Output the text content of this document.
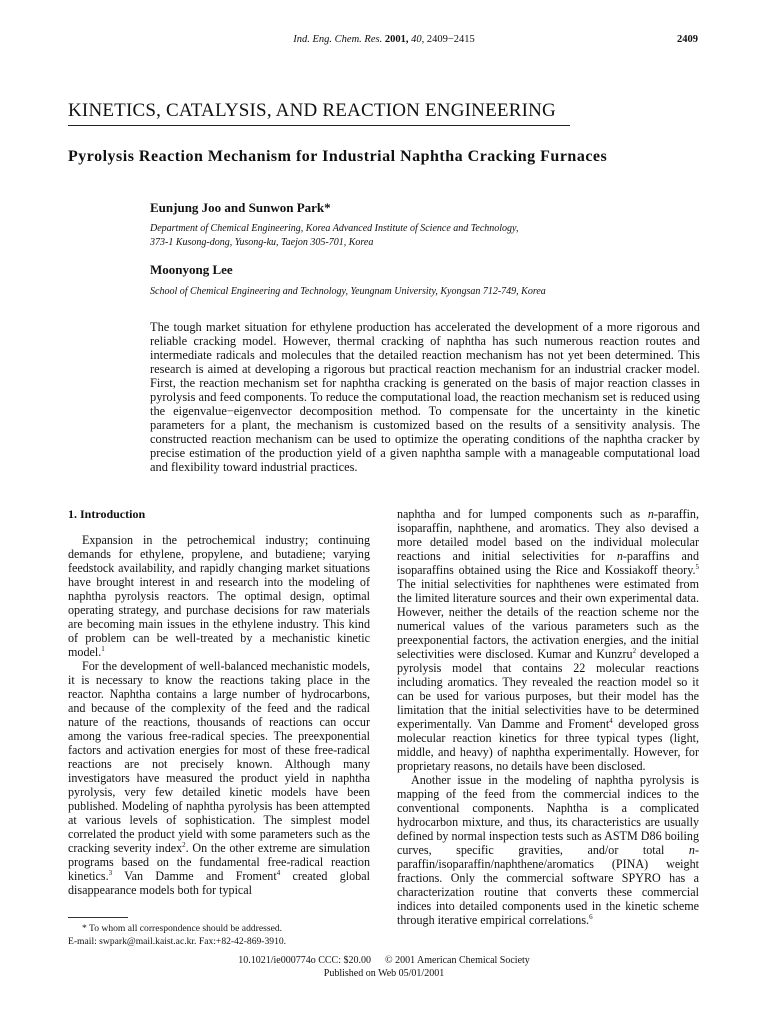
Ind. Eng. Chem. Res. 2001, 40, 2409−2415	2409
KINETICS, CATALYSIS, AND REACTION ENGINEERING
Pyrolysis Reaction Mechanism for Industrial Naphtha Cracking Furnaces
Eunjung Joo and Sunwon Park*
Department of Chemical Engineering, Korea Advanced Institute of Science and Technology,
373-1 Kusong-dong, Yusong-ku, Taejon 305-701, Korea
Moonyong Lee
School of Chemical Engineering and Technology, Yeungnam University, Kyongsan 712-749, Korea
The tough market situation for ethylene production has accelerated the development of a more rigorous and reliable cracking model. However, thermal cracking of naphtha has such numerous reaction routes and intermediate radicals and molecules that the detailed reaction mechanism has not yet been determined. This research is aimed at developing a rigorous but practical reaction mechanism for an industrial cracker model. First, the reaction mechanism set for naphtha cracking is generated on the basis of major reaction classes in pyrolysis and feed components. To reduce the computational load, the reaction mechanism set is reduced using the eigenvalue−eigenvector decomposition method. To compensate for the uncertainty in the kinetic parameters for a plant, the mechanism is customized based on the results of a sensitivity analysis. The constructed reaction mechanism can be used to optimize the operating conditions of the naphtha cracker by precise estimation of the production yield of a given naphtha sample with a manageable computational load and flexibility toward industrial practices.
1. Introduction

Expansion in the petrochemical industry; continuing demands for ethylene, propylene, and butadiene; varying feedstock availability, and rapidly changing market situations have brought interest in and research into the modeling of naphtha pyrolysis reactors. The optimal design, optimal operating strategy, and purchase decisions for raw materials are becoming main issues in the ethylene industry. This kind of problem can be well-treated by a mechanistic kinetic model.$^1$

For the development of well-balanced mechanistic models, it is necessary to know the reactions taking place in the reactor. Naphtha contains a large number of hydrocarbons, and because of the complexity of the feed and the radical nature of the reactions, thousands of reactions can occur among the various free-radical species. The preexponential factors and activation energies for most of these free-radical reactions are not precisely known. Although many investigators have measured the product yield in naphtha pyrolysis, very few detailed kinetic models have been published. Modeling of naphtha pyrolysis has been attempted at various levels of sophistication. The simplest model correlated the product yield with some parameters such as the cracking severity index$^2$. On the other extreme are simulation programs based on the fundamental free-radical reaction kinetics.$^3$ Van Damme and Froment$^4$ created global disappearance models both for typical

naphtha and for lumped components such as n-paraffin, isoparaffin, naphthene, and aromatics. They also devised a more detailed model based on the individual molecular reactions and initial selectivities for n-paraffins and isoparaffins obtained using the Rice and Kossiakoff theory.$^5$ The initial selectivities for naphthenes were estimated from the limited literature sources and their own experimental data. However, neither the details of the reaction scheme nor the numerical values of the various parameters such as the preexponential factors, the activation energies, and the initial selectivities were disclosed. Kumar and Kunzru$^2$ developed a pyrolysis model that contains 22 molecular reactions including aromatics. They revealed the reaction model so it can be used for various purposes, but their model has the limitation that the initial selectivities have to be determined experimentally. Van Damme and Froment$^4$ developed gross molecular reaction kinetics for three typical types (light, middle, and heavy) of naphtha experimentally. However, for proprietary reasons, no details have been disclosed.

Another issue in the modeling of naphtha pyrolysis is mapping of the feed from the commercial indices to the conventional components. Naphtha is a complicated hydrocarbon mixture, and thus, its characteristics are usually defined by normal inspection tests such as ASTM D86 boiling curves, specific gravities, and/or total n-paraffin/isoparaffin/naphthene/aromatics (PINA) weight fractions. Only the commercial software SPYRO has a characterization routine that converts these commercial indices into detailed components used in the kinetic scheme through iterative empirical correlations.$^6$

* To whom all correspondence should be addressed.
E-mail: swpark@mail.kaist.ac.kr. Fax:+82-42-869-3910.
10.1021/ie000774o CCC: $20.00 © 2001 American Chemical Society
Published on Web 05/01/2001
